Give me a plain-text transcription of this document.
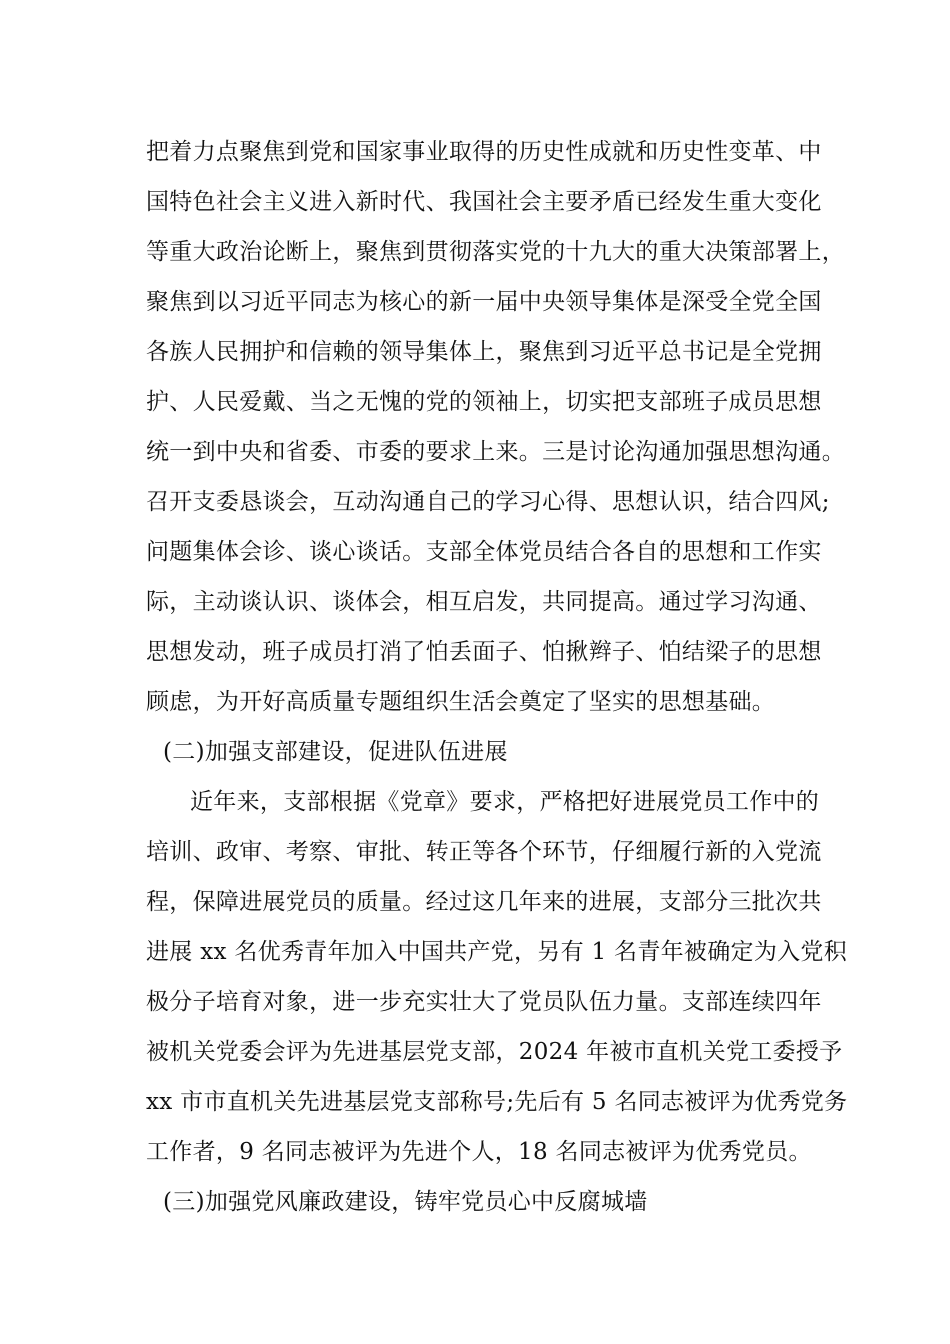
把着力点聚焦到党和国家事业取得的历史性成就和历史性变革、中
国特色社会主义进入新时代、我国社会主要矛盾已经发生重大变化
等重大政治论断上，聚焦到贯彻落实党的十九大的重大决策部署上，
聚焦到以习近平同志为核心的新一届中央领导集体是深受全党全国
各族人民拥护和信赖的领导集体上，聚焦到习近平总书记是全党拥
护、人民爱戴、当之无愧的党的领袖上，切实把支部班子成员思想
统一到中央和省委、市委的要求上来。三是讨论沟通加强思想沟通。
召开支委恳谈会，互动沟通自己的学习心得、思想认识，结合四风;
问题集体会诊、谈心谈话。支部全体党员结合各自的思想和工作实
际，主动谈认识、谈体会，相互启发，共同提高。通过学习沟通、
思想发动，班子成员打消了怕丢面子、怕揪辫子、怕结梁子的思想
顾虑，为开好高质量专题组织生活会奠定了坚实的思想基础。
(二)加强支部建设，促进队伍进展
近年来，支部根据《党章》要求，严格把好进展党员工作中的
培训、政审、考察、审批、转正等各个环节，仔细履行新的入党流
程，保障进展党员的质量。经过这几年来的进展，支部分三批次共
进展 xx 名优秀青年加入中国共产党，另有 1 名青年被确定为入党积
极分子培育对象，进一步充实壮大了党员队伍力量。支部连续四年
被机关党委会评为先进基层党支部，2024 年被市直机关党工委授予
xx 市市直机关先进基层党支部称号;先后有 5 名同志被评为优秀党务
工作者，9 名同志被评为先进个人，18 名同志被评为优秀党员。
(三)加强党风廉政建设，铸牢党员心中反腐城墙
